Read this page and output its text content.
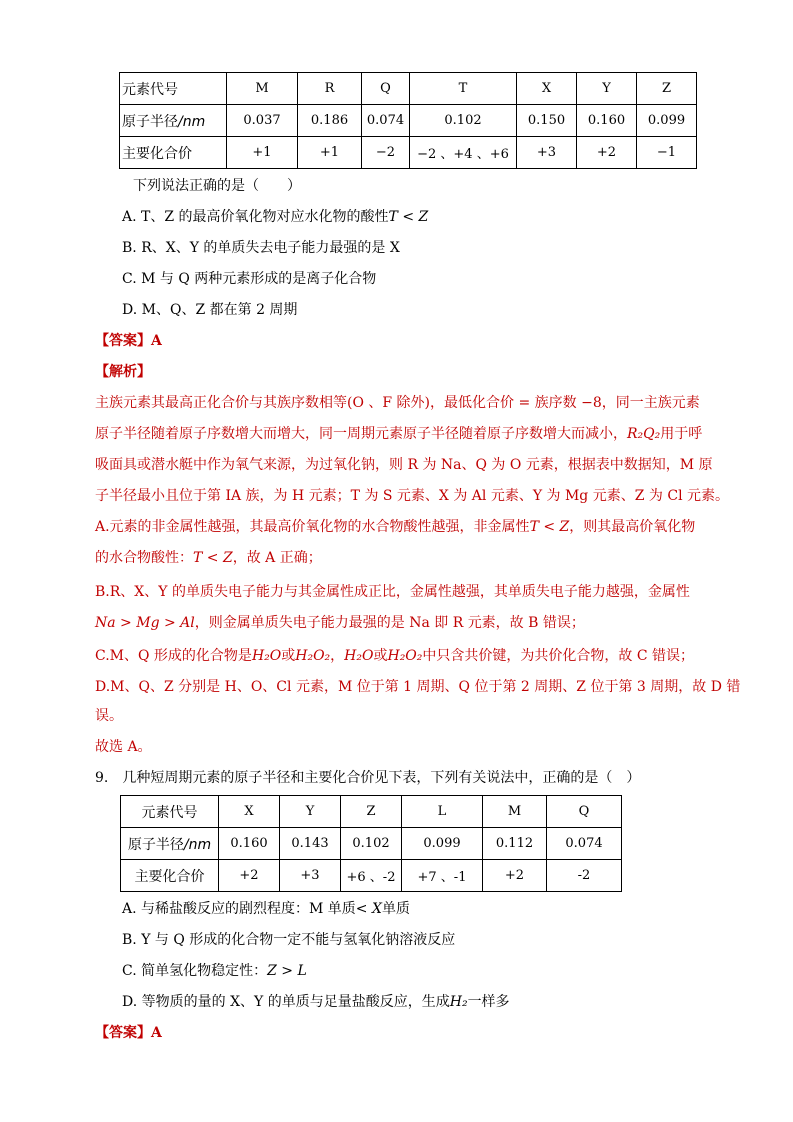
元素代号	M	R	Q	T	X	Y	Z
原子半径/nm	0.037	0.186	0.074	0.102	0.150	0.160	0.099
主要化合价	+1	+1	−2	−2 、+4 、+6	+3	+2	−1
下列说法正确的是（　　）
A. T、Z 的最高价氧化物对应水化物的酸性T < Z
B. R、X、Y 的单质失去电子能力最强的是 X
C. M 与 Q 两种元素形成的是离子化合物
D. M、Q、Z 都在第 2 周期
【答案】A
【解析】
主族元素其最高正化合价与其族序数相等(O 、F 除外)，最低化合价 = 族序数 −8，同一主族元素
原子半径随着原子序数增大而增大，同一周期元素原子半径随着原子序数增大而减小，R₂Q₂用于呼
吸面具或潜水艇中作为氧气来源，为过氧化钠，则 R 为 Na、Q 为 O 元素，根据表中数据知，M 原
子半径最小且位于第 IA 族，为 H 元素；T 为 S 元素、X 为 Al 元素、Y 为 Mg 元素、Z 为 Cl 元素。
A.元素的非金属性越强，其最高价氧化物的水合物酸性越强，非金属性T < Z，则其最高价氧化物
的水合物酸性：T < Z，故 A 正确；
B.R、X、Y 的单质失电子能力与其金属性成正比，金属性越强，其单质失电子能力越强，金属性
Na > Mg > Al，则金属单质失电子能力最强的是 Na 即 R 元素，故 B 错误；
C.M、Q 形成的化合物是H₂O或H₂O₂，H₂O或H₂O₂中只含共价键，为共价化合物，故 C 错误；
D.M、Q、Z 分别是 H、O、Cl 元素，M 位于第 1 周期、Q 位于第 2 周期、Z 位于第 3 周期，故 D 错
误。
故选 A。
9.　几种短周期元素的原子半径和主要化合价见下表，下列有关说法中，正确的是（　）
元素代号	X	Y	Z	L	M	Q
原子半径/nm	0.160	0.143	0.102	0.099	0.112	0.074
主要化合价	+2	+3	+6 、-2	+7 、-1	+2	-2
A. 与稀盐酸反应的剧烈程度：M 单质< X单质
B. Y 与 Q 形成的化合物一定不能与氢氧化钠溶液反应
C. 简单氢化物稳定性：Z > L
D. 等物质的量的 X、Y 的单质与足量盐酸反应，生成H₂一样多
【答案】A
